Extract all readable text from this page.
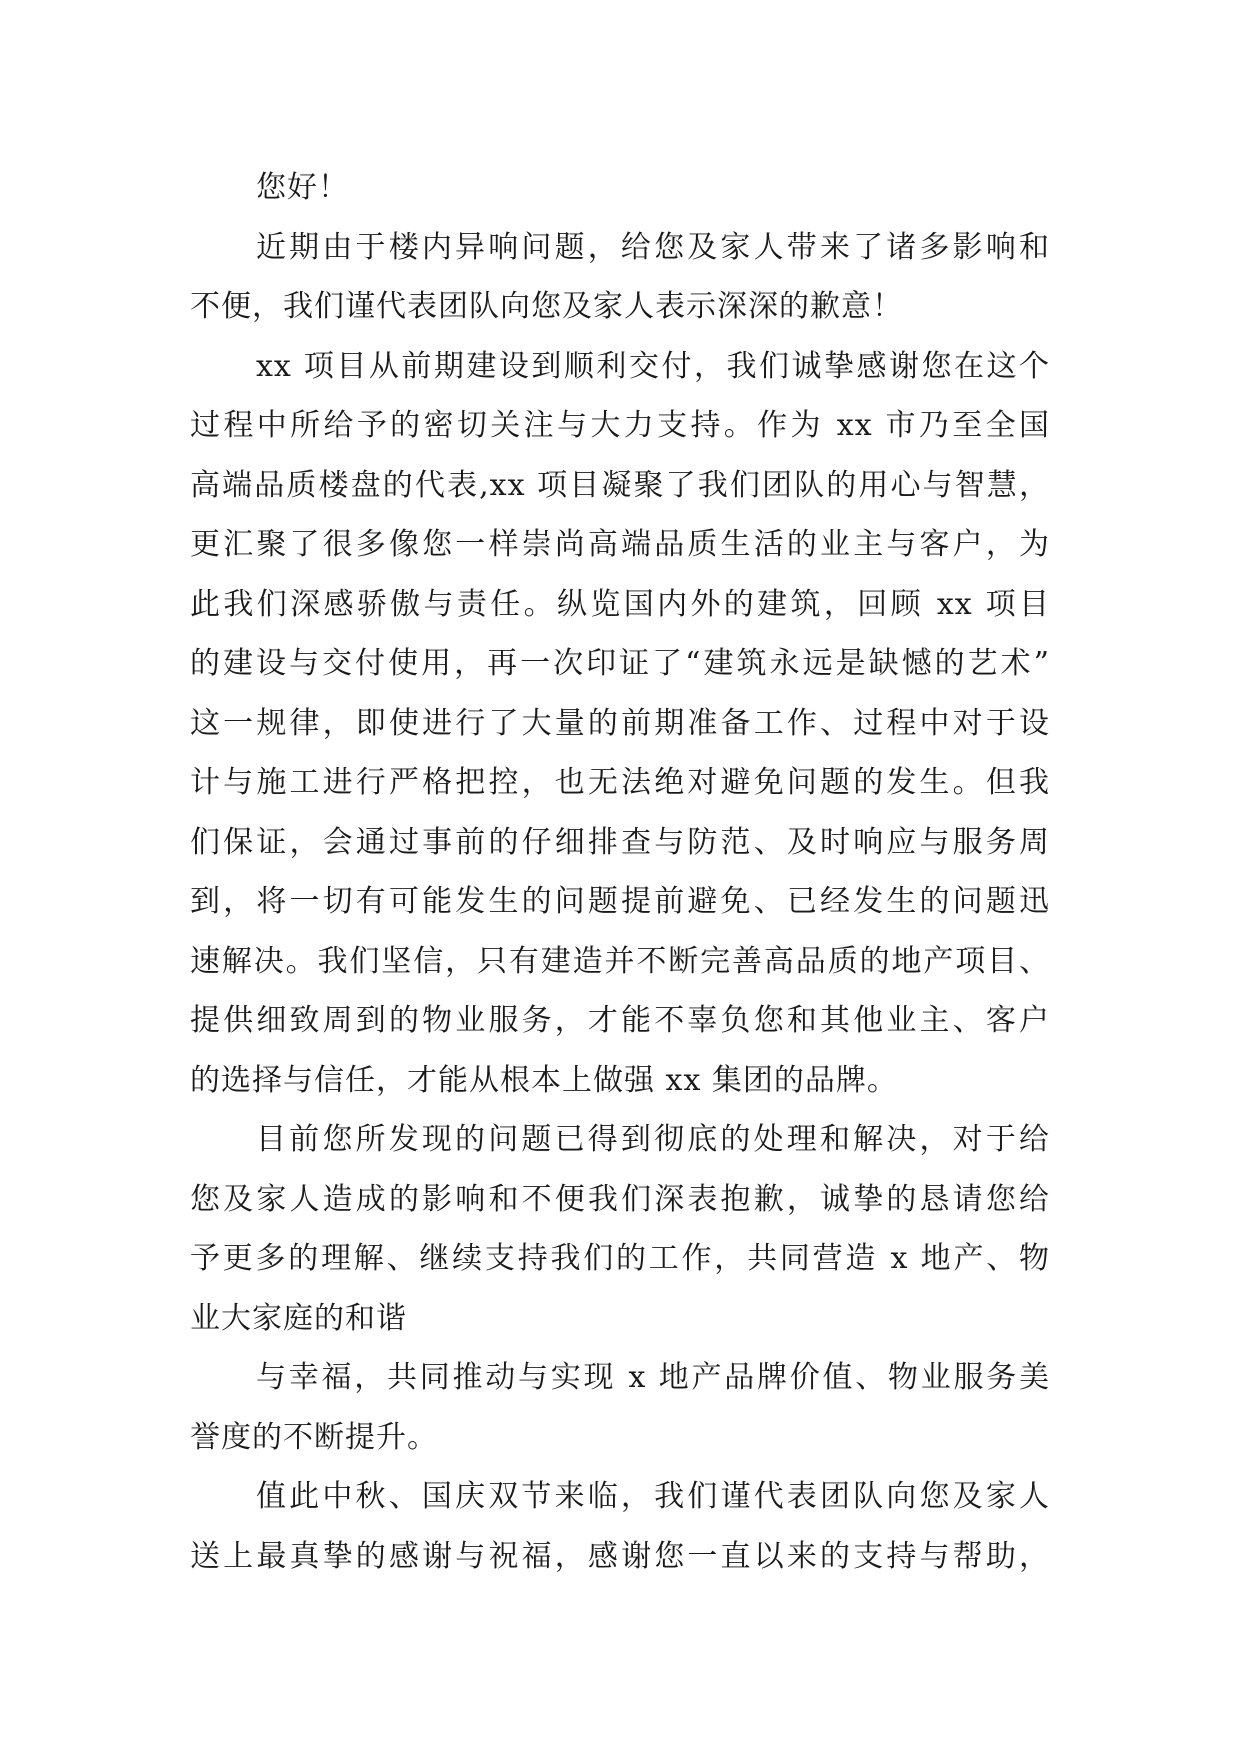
您好！
近期由于楼内异响问题，给您及家人带来了诸多影响和
不便，我们谨代表团队向您及家人表示深深的歉意！
xx 项目从前期建设到顺利交付，我们诚挚感谢您在这个
过程中所给予的密切关注与大力支持。作为 xx 市乃至全国
高端品质楼盘的代表,xx 项目凝聚了我们团队的用心与智慧，
更汇聚了很多像您一样崇尚高端品质生活的业主与客户，为
此我们深感骄傲与责任。纵览国内外的建筑，回顾 xx 项目
的建设与交付使用，再一次印证了“建筑永远是缺憾的艺术”
这一规律，即使进行了大量的前期准备工作、过程中对于设
计与施工进行严格把控，也无法绝对避免问题的发生。但我
们保证，会通过事前的仔细排查与防范、及时响应与服务周
到，将一切有可能发生的问题提前避免、已经发生的问题迅
速解决。我们坚信，只有建造并不断完善高品质的地产项目、
提供细致周到的物业服务，才能不辜负您和其他业主、客户
的选择与信任，才能从根本上做强 xx 集团的品牌。
目前您所发现的问题已得到彻底的处理和解决，对于给
您及家人造成的影响和不便我们深表抱歉，诚挚的恳请您给
予更多的理解、继续支持我们的工作，共同营造 x 地产、物
业大家庭的和谐
与幸福，共同推动与实现 x 地产品牌价值、物业服务美
誉度的不断提升。
值此中秋、国庆双节来临，我们谨代表团队向您及家人
送上最真挚的感谢与祝福，感谢您一直以来的支持与帮助，
